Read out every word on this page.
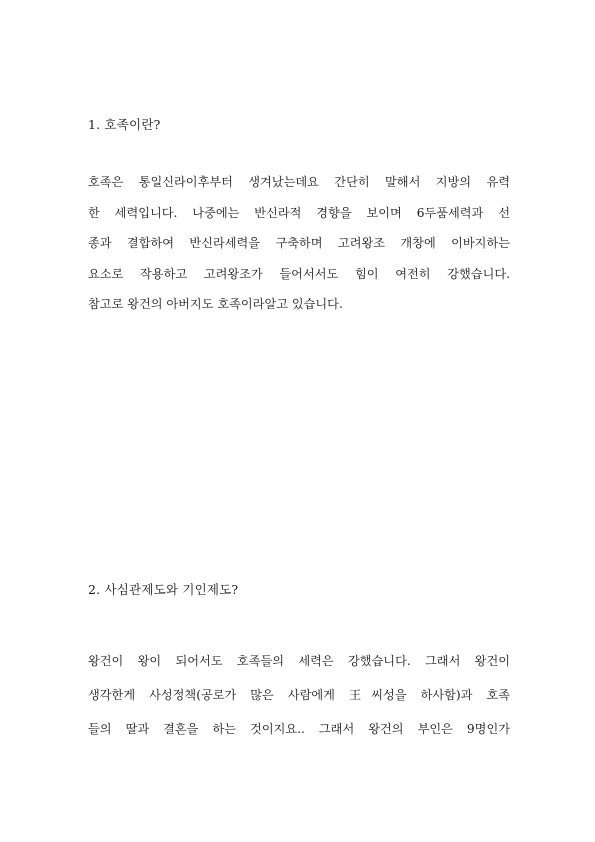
1. 호족이란?
호족은 통일신라이후부터 생겨났는데요 간단히 말해서 지방의 유력
한 세력입니다. 나중에는 반신라적 경향을 보이며 6두품세력과 선
종과 결합하여 반신라세력을 구축하며 고려왕조 개창에 이바지하는
요소로 작용하고 고려왕조가 들어서서도 힘이 여전히 강했습니다.
참고로 왕건의 아버지도 호족이라알고 있습니다.
2. 사심관제도와 기인제도?
왕건이 왕이 되어서도 호족들의 세력은 강했습니다. 그래서 왕건이
생각한게 사성정책(공로가 많은 사람에게 王씨성을 하사함)과 호족
들의 딸과 결혼을 하는 것이지요.. 그래서 왕건의 부인은 9명인가
